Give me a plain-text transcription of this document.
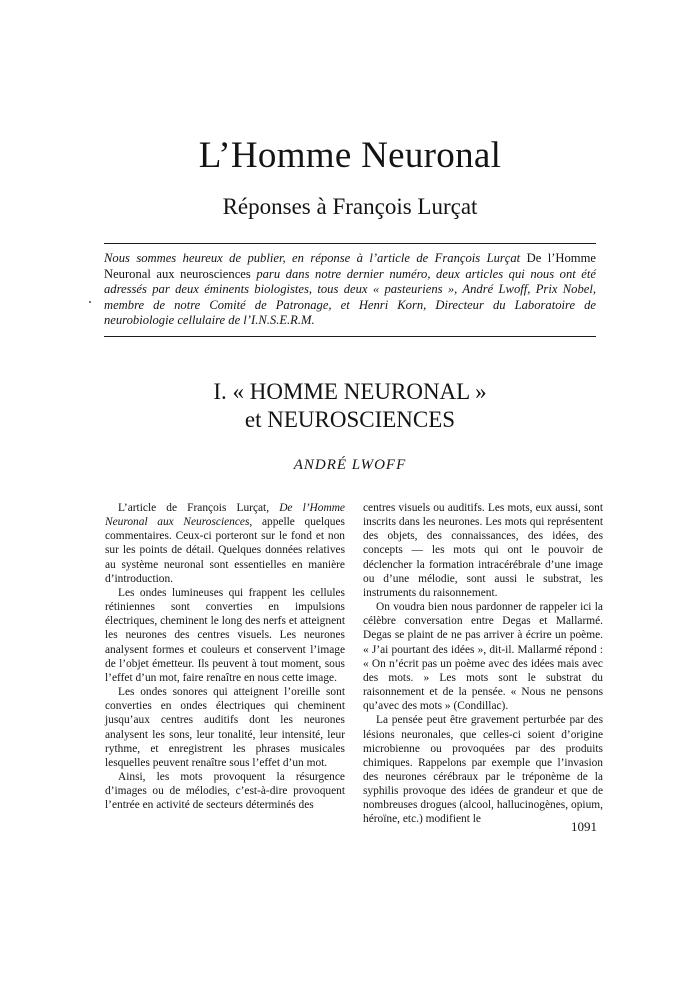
L’Homme Neuronal
Réponses à François Lurçat
Nous sommes heureux de publier, en réponse à l’article de François Lurçat De l’Homme Neuronal aux neurosciences paru dans notre dernier numéro, deux articles qui nous ont été adressés par deux éminents biologistes, tous deux « pasteuriens », André Lwoff, Prix Nobel, membre de notre Comité de Patronage, et Henri Korn, Directeur du Laboratoire de neurobiologie cellulaire de l’I.N.S.E.R.M.
I. « HOMME NEURONAL »
et NEUROSCIENCES
ANDRÉ LWOFF

L’article de François Lurçat, De l’Homme Neuronal aux Neurosciences, appelle quelques commentaires. Ceux-ci porteront sur le fond et non sur les points de détail. Quelques données relatives au système neuronal sont essentielles en manière d’introduction.

Les ondes lumineuses qui frappent les cellules rétiniennes sont converties en impulsions électriques, cheminent le long des nerfs et atteignent les neurones des centres visuels. Les neurones analysent formes et couleurs et conservent l’image de l’objet émetteur. Ils peuvent à tout moment, sous l’effet d’un mot, faire renaître en nous cette image.

Les ondes sonores qui atteignent l’oreille sont converties en ondes électriques qui cheminent jusqu’aux centres auditifs dont les neurones analysent les sons, leur tonalité, leur intensité, leur rythme, et enregistrent les phrases musicales lesquelles peuvent renaître sous l’effet d’un mot.

Ainsi, les mots provoquent la résurgence d’images ou de mélodies, c’est-à-dire provoquent l’entrée en activité de secteurs déterminés des

centres visuels ou auditifs. Les mots, eux aussi, sont inscrits dans les neurones. Les mots qui représentent des objets, des connaissances, des idées, des concepts — les mots qui ont le pouvoir de déclencher la formation intracérébrale d’une image ou d’une mélodie, sont aussi le substrat, les instruments du raisonnement.

On voudra bien nous pardonner de rappeler ici la célèbre conversation entre Degas et Mallarmé. Degas se plaint de ne pas arriver à écrire un poème. « J’ai pourtant des idées », dit-il. Mallarmé répond : « On n’écrit pas un poème avec des idées mais avec des mots. » Les mots sont le substrat du raisonnement et de la pensée. « Nous ne pensons qu’avec des mots » (Condillac).

La pensée peut être gravement perturbée par des lésions neuronales, que celles-ci soient d’origine microbienne ou provoquées par des produits chimiques. Rappelons par exemple que l’invasion des neurones cérébraux par le tréponème de la syphilis provoque des idées de grandeur et que de nombreuses drogues (alcool, hallucinogènes, opium, héroïne, etc.) modifient le	1091
